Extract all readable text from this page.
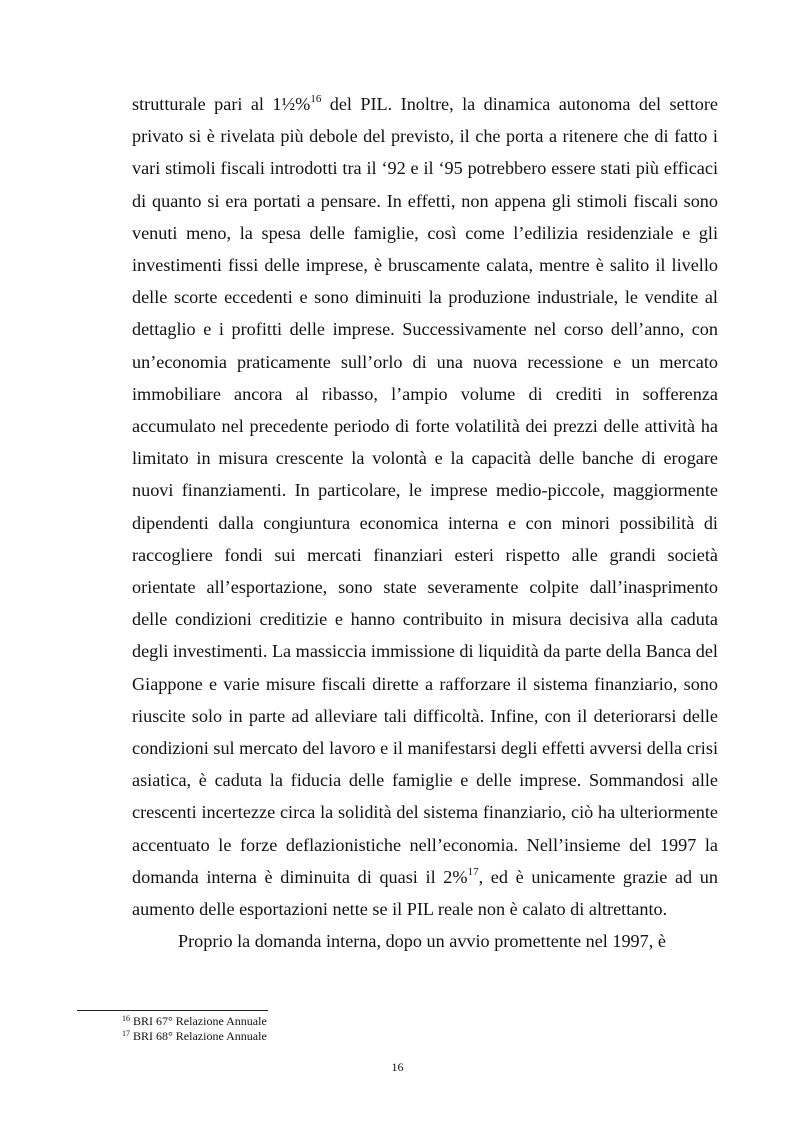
strutturale pari al 1½%$^{16}$ del PIL. Inoltre, la dinamica autonoma del settore privato si è rivelata più debole del previsto, il che porta a ritenere che di fatto i vari stimoli fiscali introdotti tra il ‘92 e il ‘95 potrebbero essere stati più efficaci di quanto si era portati a pensare. In effetti, non appena gli stimoli fiscali sono venuti meno, la spesa delle famiglie, così come l’edilizia residenziale e gli investimenti fissi delle imprese, è bruscamente calata, mentre è salito il livello delle scorte eccedenti e sono diminuiti la produzione industriale, le vendite al dettaglio e i profitti delle imprese. Successivamente nel corso dell’anno, con un’economia praticamente sull’orlo di una nuova recessione e un mercato immobiliare ancora al ribasso, l’ampio volume di crediti in sofferenza accumulato nel precedente periodo di forte volatilità dei prezzi delle attività ha limitato in misura crescente la volontà e la capacità delle banche di erogare nuovi finanziamenti. In particolare, le imprese medio-piccole, maggiormente dipendenti dalla congiuntura economica interna e con minori possibilità di raccogliere fondi sui mercati finanziari esteri rispetto alle grandi società orientate all’esportazione, sono state severamente colpite dall’inasprimento delle condizioni creditizie e hanno contribuito in misura decisiva alla caduta degli investimenti. La massiccia immissione di liquidità da parte della Banca del Giappone e varie misure fiscali dirette a rafforzare il sistema finanziario, sono riuscite solo in parte ad alleviare tali difficoltà. Infine, con il deteriorarsi delle condizioni sul mercato del lavoro e il manifestarsi degli effetti avversi della crisi asiatica, è caduta la fiducia delle famiglie e delle imprese. Sommandosi alle crescenti incertezze circa la solidità del sistema finanziario, ciò ha ulteriormente accentuato le forze deflazionistiche nell’economia. Nell’insieme del 1997 la domanda interna è diminuita di quasi il 2%$^{17}$, ed è unicamente grazie ad un aumento delle esportazioni nette se il PIL reale non è calato di altrettanto.

Proprio la domanda interna, dopo un avvio promettente nel 1997, è

$^{16}$ BRI 67° Relazione Annuale
$^{17}$ BRI 68° Relazione Annuale
16
